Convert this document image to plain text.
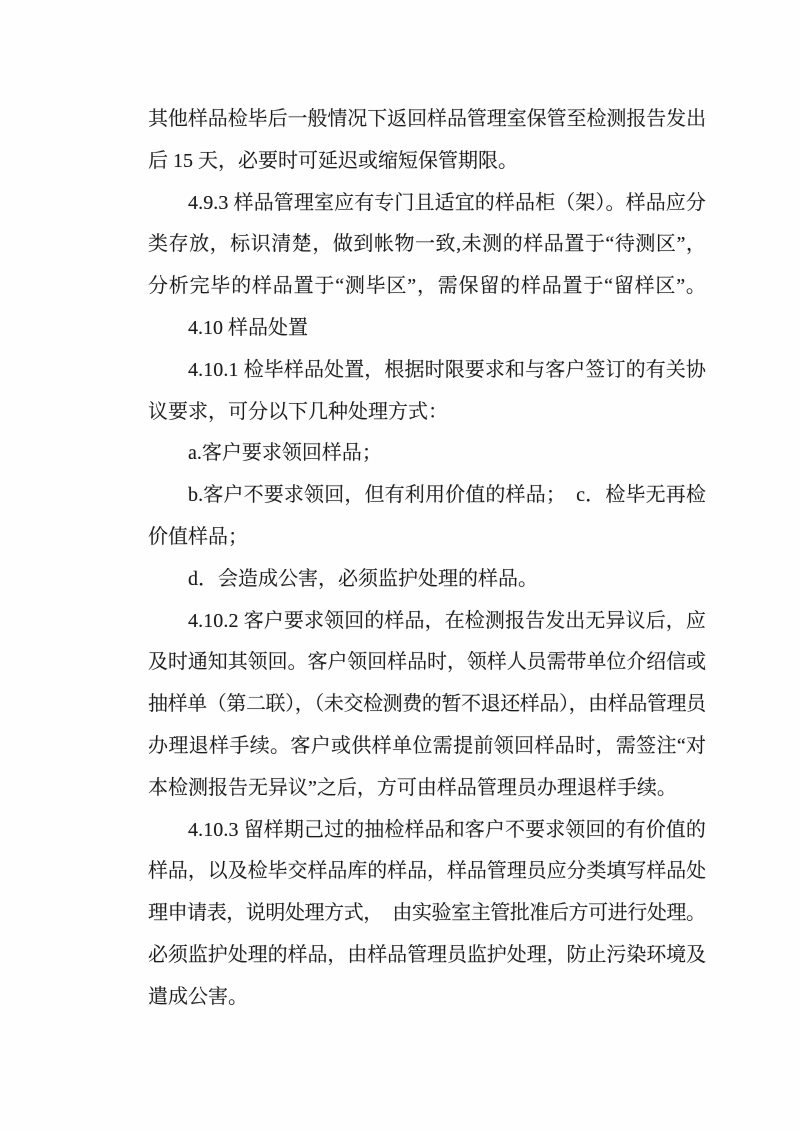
其他样品检毕后一般情况下返回样品管理室保管至检测报告发出
后 15 天，必要时可延迟或缩短保管期限。
4.9.3 样品管理室应有专门且适宜的样品柜（架）。样品应分
类存放，标识清楚，做到帐物一致,未测的样品置于“待测区”，
分析完毕的样品置于“测毕区”，需保留的样品置于“留样区”。
4.10 样品处置
4.10.1 检毕样品处置，根据时限要求和与客户签订的有关协
议要求，可分以下几种处理方式：
a.客户要求领回样品；
b.客户不要求领回，但有利用价值的样品；　c．检毕无再检
价值样品；
d．会造成公害，必须监护处理的样品。
4.10.2 客户要求领回的样品，在检测报告发出无异议后，应
及时通知其领回。客户领回样品时，领样人员需带单位介绍信或
抽样单（第二联），（未交检测费的暂不退还样品），由样品管理员
办理退样手续。客户或供样单位需提前领回样品时，需签注“对
本检测报告无异议”之后，方可由样品管理员办理退样手续。
4.10.3 留样期己过的抽检样品和客户不要求领回的有价值的
样品，以及检毕交样品库的样品，样品管理员应分类填写样品处
理申请表，说明处理方式，　由实验室主管批准后方可进行处理。
必须监护处理的样品，由样品管理员监护处理，防止污染环境及
遣成公害。
